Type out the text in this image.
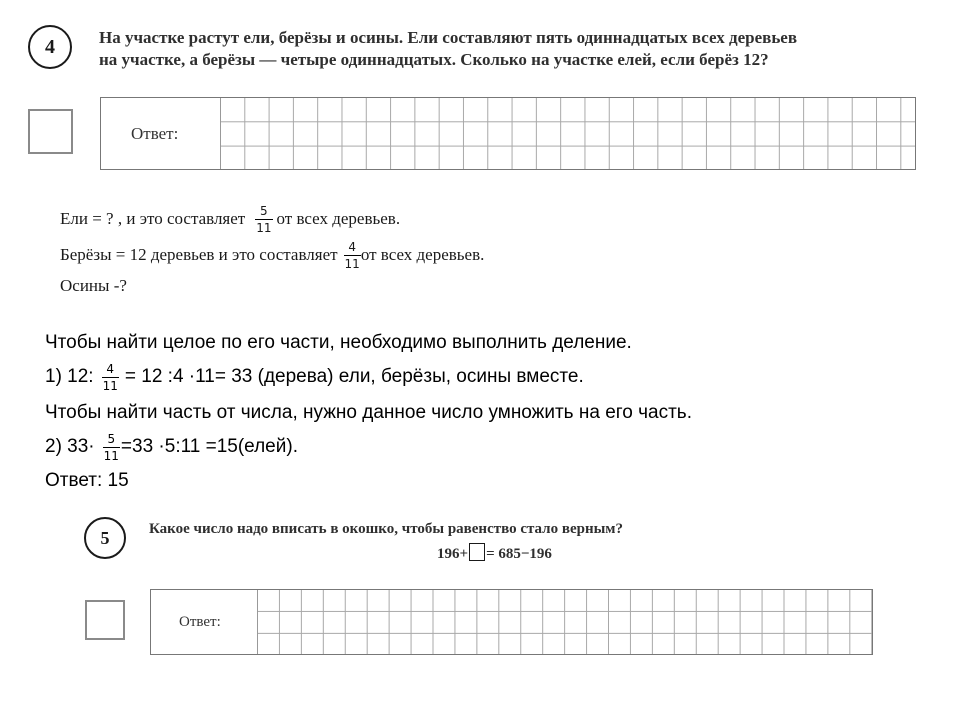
4	На участке растут ели, берёзы и осины. Ели составляют пять одиннадцатых всех деревьев
на участке, а берёзы — четыре одиннадцатых. Сколько на участке елей, если берёз 12?
Ответ:
Ели = ? , и это составляет $\frac{5}{11}$ от всех деревьев.
Берёзы = 12 деревьев и это составляет $\frac{4}{11}$ от всех деревьев.
Осины -?
Чтобы найти целое по его части, необходимо выполнить деление.
1) 12: $\frac{4}{11} = 12$ :4 ·11= 33 (дерева) ели, берёзы, осины вместе.
Чтобы найти часть от числа, нужно данное число умножить на его часть.
2) $33\cdot \frac{5}{11} =33$ ·5:11 =15(елей).
Ответ: 15
5	Какое число надо вписать в окошко, чтобы равенство стало верным?
196+ = 685−196
Ответ:
